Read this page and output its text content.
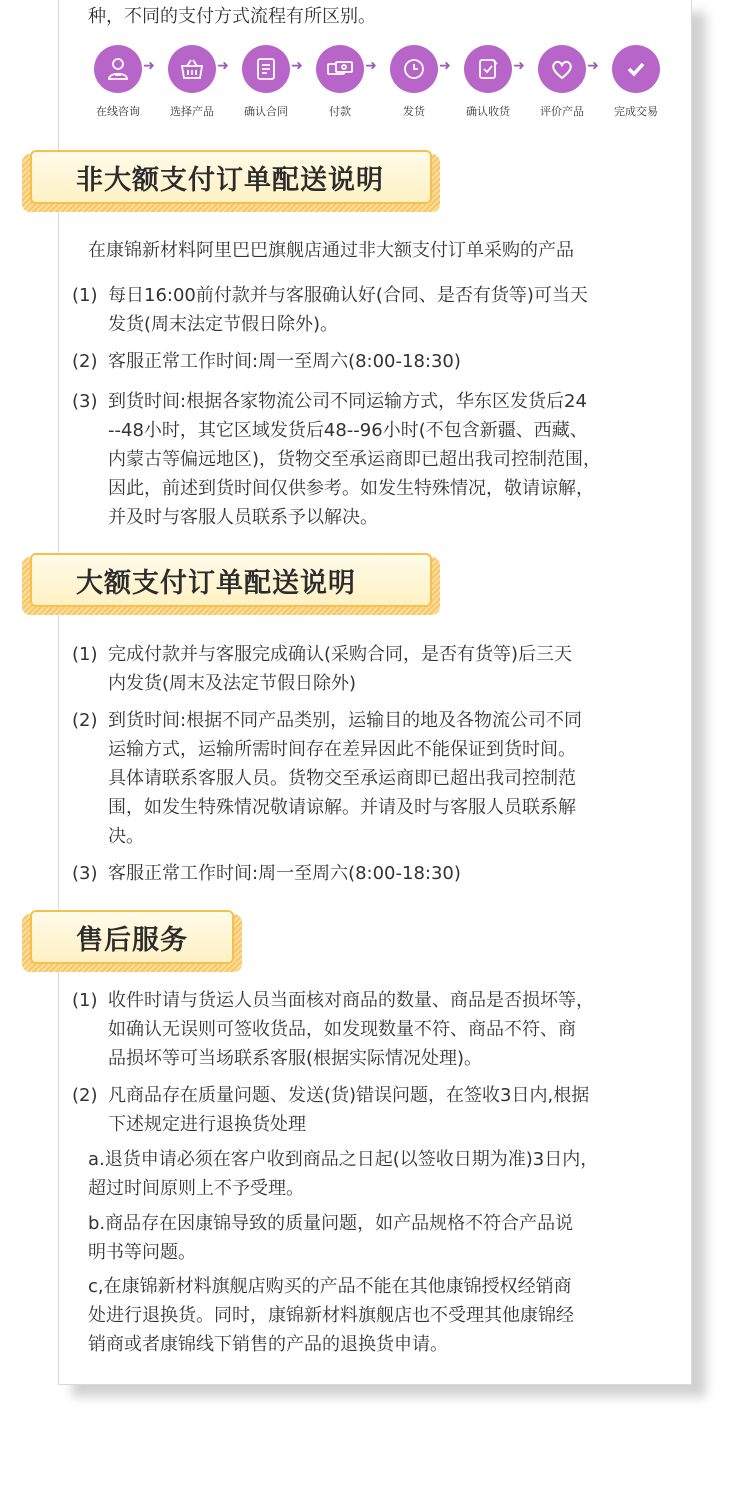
种，不同的支付方式流程有所区别。

在线咨询
➜
选择产品
➜
确认合同
➜
付款
➜
发货
➜
确认收货
➜
评价产品
➜
完成交易
非大额支付订单配送说明

在康锦新材料阿里巴巴旗舰店通过非大额支付订单采购的产品

(1) 每日16:00前付款并与客服确认好(合同、是否有货等)可当天
发货(周末法定节假日除外)。
(2) 客服正常工作时间:周一至周六(8:00-18:30)
(3) 到货时间:根据各家物流公司不同运输方式，华东区发货后24
--48小时，其它区域发货后48--96小时(不包含新疆、西藏、
内蒙古等偏远地区)，货物交至承运商即已超出我司控制范围，
因此，前述到货时间仅供参考。如发生特殊情况，敬请谅解，
并及时与客服人员联系予以解决。
大额支付订单配送说明
(1) 完成付款并与客服完成确认(采购合同，是否有货等)后三天
内发货(周末及法定节假日除外)
(2) 到货时间:根据不同产品类别，运输目的地及各物流公司不同
运输方式，运输所需时间存在差异因此不能保证到货时间。
具体请联系客服人员。货物交至承运商即已超出我司控制范
围，如发生特殊情况敬请谅解。并请及时与客服人员联系解
决。
(3) 客服正常工作时间:周一至周六(8:00-18:30)
售后服务
(1) 收件时请与货运人员当面核对商品的数量、商品是否损坏等，
如确认无误则可签收货品，如发现数量不符、商品不符、商
品损坏等可当场联系客服(根据实际情况处理)。
(2) 凡商品存在质量问题、发送(货)错误问题，在签收3日内,根据
下述规定进行退换货处理
a.退货申请必须在客户收到商品之日起(以签收日期为准)3日内，
超过时间原则上不予受理。
b.商品存在因康锦导致的质量问题，如产品规格不符合产品说
明书等问题。
c,在康锦新材料旗舰店购买的产品不能在其他康锦授权经销商
处进行退换货。同时，康锦新材料旗舰店也不受理其他康锦经
销商或者康锦线下销售的产品的退换货申请。
